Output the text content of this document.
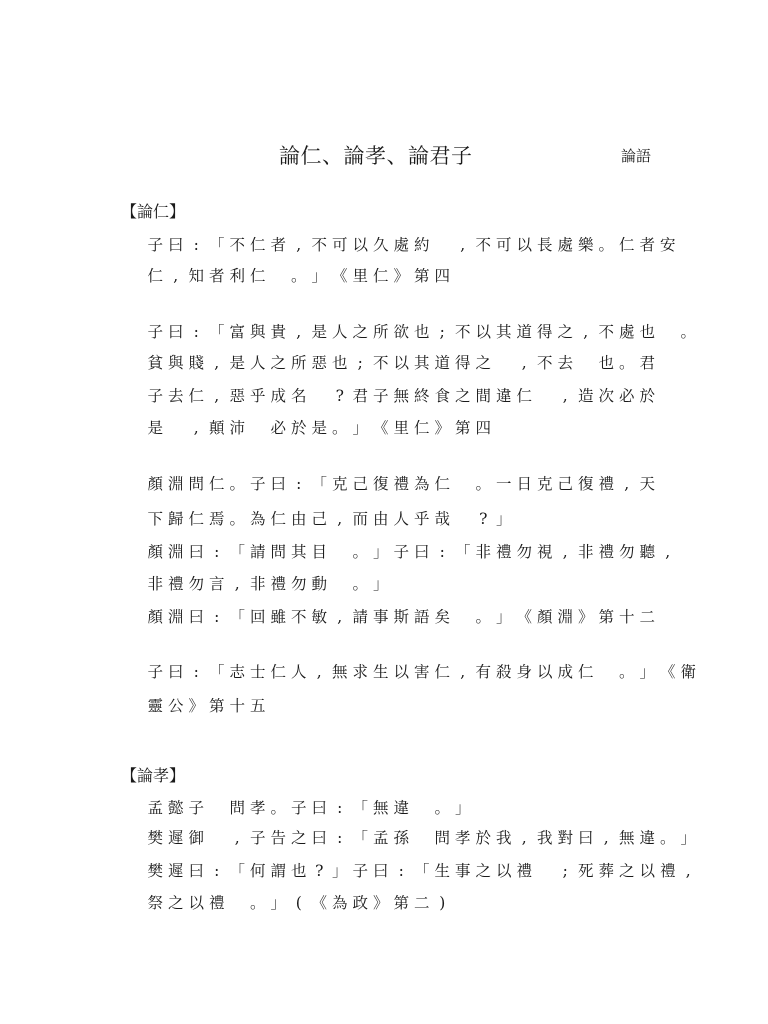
論仁、論孝、論君子	論語
【論仁】
子 曰 : 「 不 仁 者 , 不 可 以 久 處 約 , 不 可 以 長 處 樂 。 仁 者 安
仁 , 知 者 利 仁 。 」 《 里 仁 》 第 四
子 曰 : 「 富 與 貴 , 是 人 之 所 欲 也 ; 不 以 其 道 得 之 , 不 處 也 。
貧 與 賤 , 是 人 之 所 惡 也 ; 不 以 其 道 得 之 , 不 去 也 。 君
子 去 仁 , 惡 乎 成 名 ? 君 子 無 終 食 之 間 違 仁 , 造 次 必 於
是 , 顛 沛 必 於 是 。 」 《 里 仁 》 第 四
顏 淵 問 仁 。 子 曰 : 「 克 己 復 禮 為 仁 。 一 日 克 己 復 禮 , 天
下 歸 仁 焉 。 為 仁 由 己 , 而 由 人 乎 哉 ? 」
顏 淵 曰 : 「 請 問 其 目 。 」 子 曰 : 「 非 禮 勿 視 , 非 禮 勿 聽 ,
非 禮 勿 言 , 非 禮 勿 動 。 」
顏 淵 曰 : 「 回 雖 不 敏 , 請 事 斯 語 矣 。 」 《 顏 淵 》 第 十 二
子 曰 : 「 志 士 仁 人 , 無 求 生 以 害 仁 , 有 殺 身 以 成 仁 。 」 《 衛
靈 公 》 第 十 五
【論孝】
孟 懿 子 問 孝 。 子 曰 : 「 無 違 。 」
樊 遲 御 , 子 告 之 曰 : 「 孟 孫 問 孝 於 我 , 我 對 曰 , 無 違 。 」
樊 遲 曰 : 「 何 謂 也 ? 」 子 曰 : 「 生 事 之 以 禮 ; 死 葬 之 以 禮 ,
祭 之 以 禮 。 」 ( 《 為 政 》 第 二 )
